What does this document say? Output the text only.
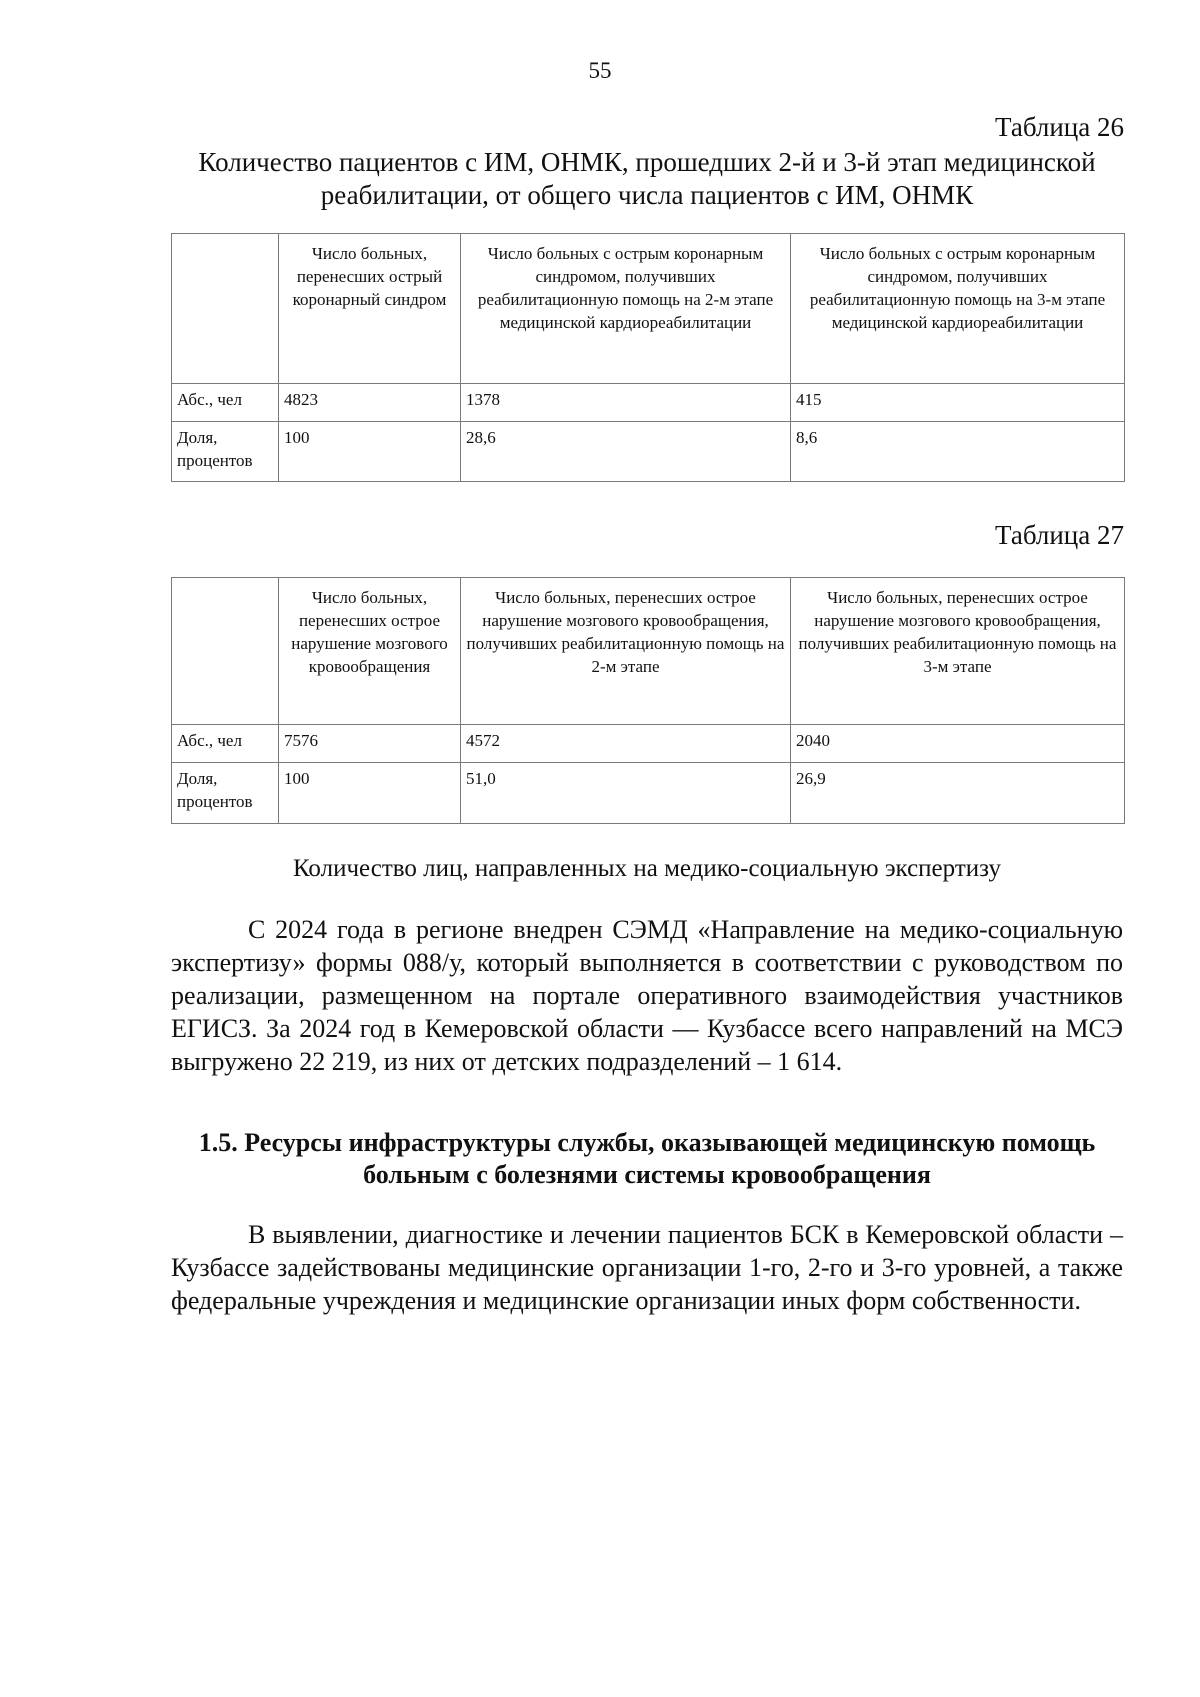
55
Таблица 26
Количество пациентов с ИМ, ОНМК, прошедших 2-й и 3-й этап медицинской реабилитации, от общего числа пациентов с ИМ, ОНМК
	Число больных, перенесших острый коронарный синдром	Число больных с острым коронарным синдромом, получивших реабилитационную помощь на 2-м этапе медицинской кардиореабилитации	Число больных с острым коронарным синдромом, получивших реабилитационную помощь на 3-м этапе медицинской кардиореабилитации
Абс., чел	4823	1378	415
Доля, процентов	100	28,6	8,6
Таблица 27
	Число больных, перенесших острое нарушение мозгового кровообращения	Число больных, перенесших острое нарушение мозгового кровообращения, получивших реабилитационную помощь на 2-м этапе	Число больных, перенесших острое нарушение мозгового кровообращения, получивших реабилитационную помощь на 3-м этапе
Абс., чел	7576	4572	2040
Доля, процентов	100	51,0	26,9
Количество лиц, направленных на медико-социальную экспертизу

С 2024 года в регионе внедрен СЭМД «Направление на медико-социальную экспертизу» формы 088/у, который выполняется в соответствии с руководством по реализации, размещенном на портале оперативного взаимодействия участников ЕГИСЗ. За 2024 год в Кемеровской области — Кузбассе всего направлений на МСЭ выгружено 22 219, из них от детских подразделений – 1 614.

1.5. Ресурсы инфраструктуры службы, оказывающей медицинскую помощь больным с болезнями системы кровообращения

В выявлении, диагностике и лечении пациентов БСК в Кемеровской области – Кузбассе задействованы медицинские организации 1-го, 2-го и 3-го уровней, а также федеральные учреждения и медицинские организации иных форм собственности.
